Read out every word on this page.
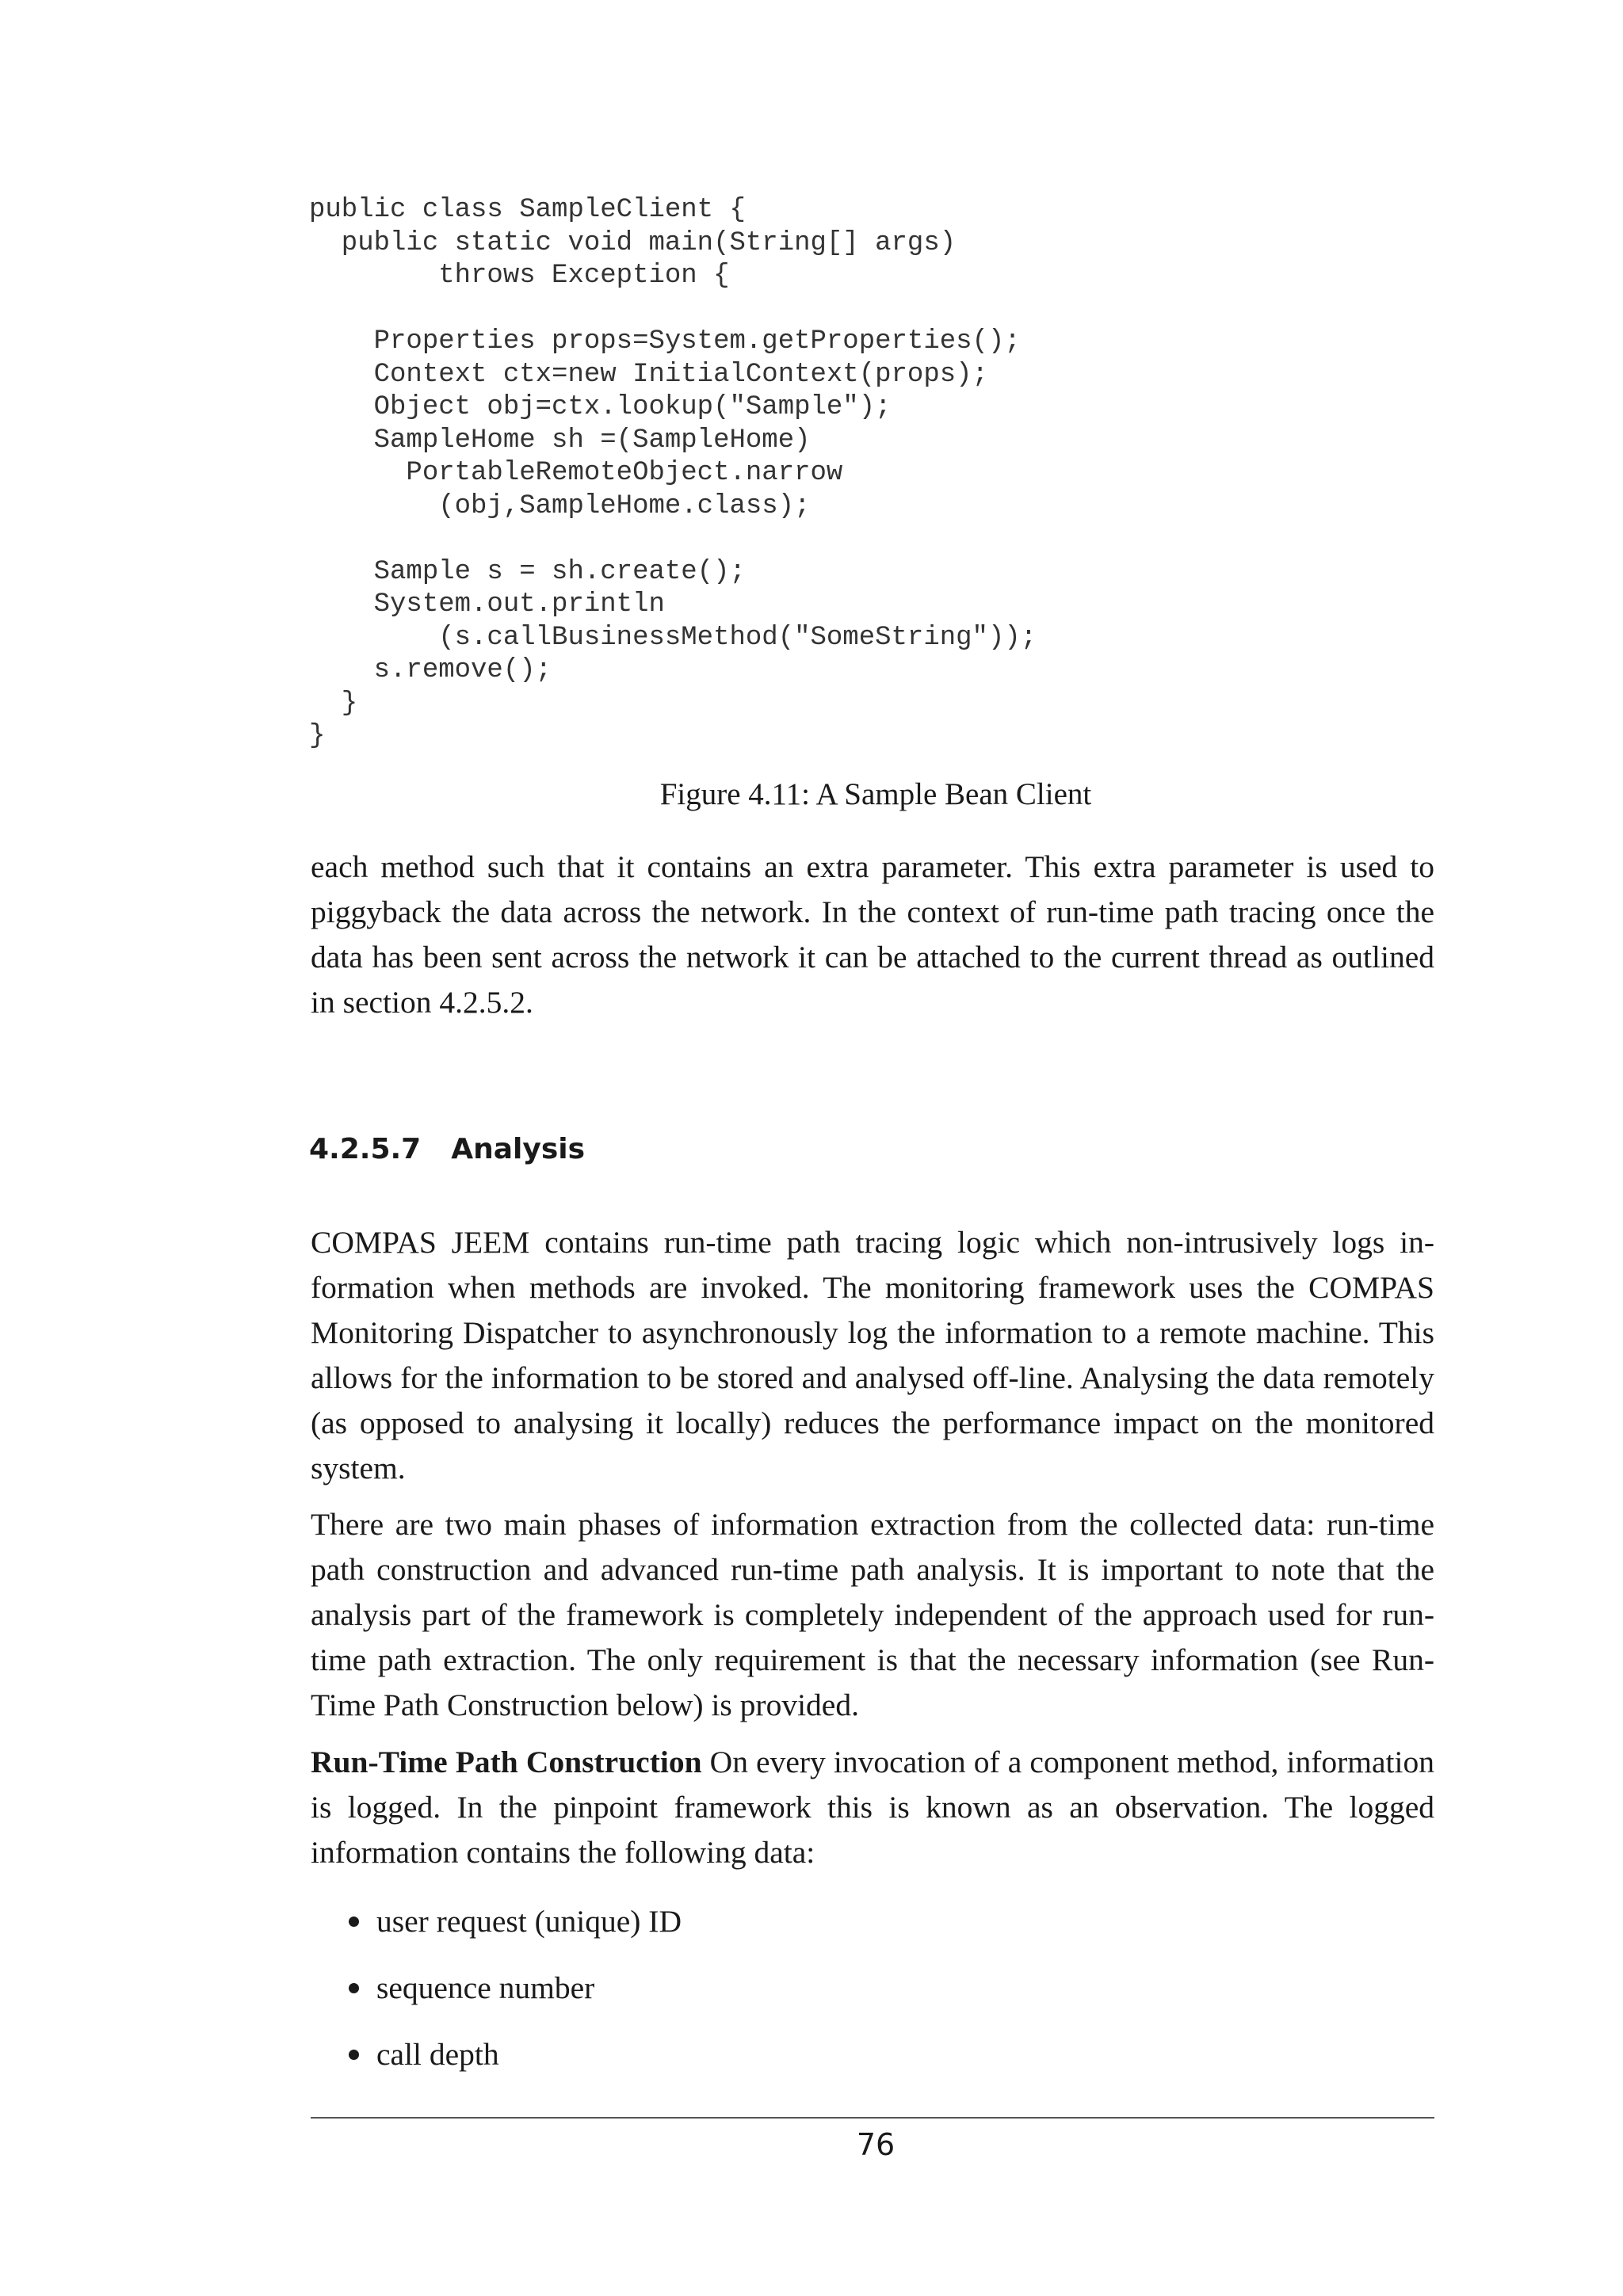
public class SampleClient {
public static void main(String[] args)
throws Exception {

Properties props=System.getProperties();
Context ctx=new InitialContext(props);
Object obj=ctx.lookup("Sample");
SampleHome sh =(SampleHome)
PortableRemoteObject.narrow
(obj,SampleHome.class);

Sample s = sh.create();
System.out.println
(s.callBusinessMethod("SomeString"));
s.remove();
}
}

Figure 4.11: A Sample Bean Client

each method such that it contains an extra parameter. This extra parameter is used to piggyback the data across the network. In the context of run-time path tracing once the data has been sent across the network it can be attached to the current thread as outlined in section 4.2.5.2.

4.2.5.7 Analysis

COMPAS JEEM contains run-time path tracing logic which non-intrusively logs information when methods are invoked. The monitoring framework uses the COMPAS Monitoring Dispatcher to asynchronously log the information to a remote machine. This allows for the information to be stored and analysed off-line. Analysing the data remotely (as opposed to analysing it locally) reduces the performance impact on the monitored system.

There are two main phases of information extraction from the collected data: run-time path construction and advanced run-time path analysis. It is important to note that the analysis part of the framework is completely independent of the approach used for run-time path extraction. The only requirement is that the necessary information (see Run-Time Path Construction below) is provided.

Run-Time Path Construction On every invocation of a component method, information is logged. In the pinpoint framework this is known as an observation. The logged information contains the following data:

user request (unique) ID
sequence number
call depth
76
